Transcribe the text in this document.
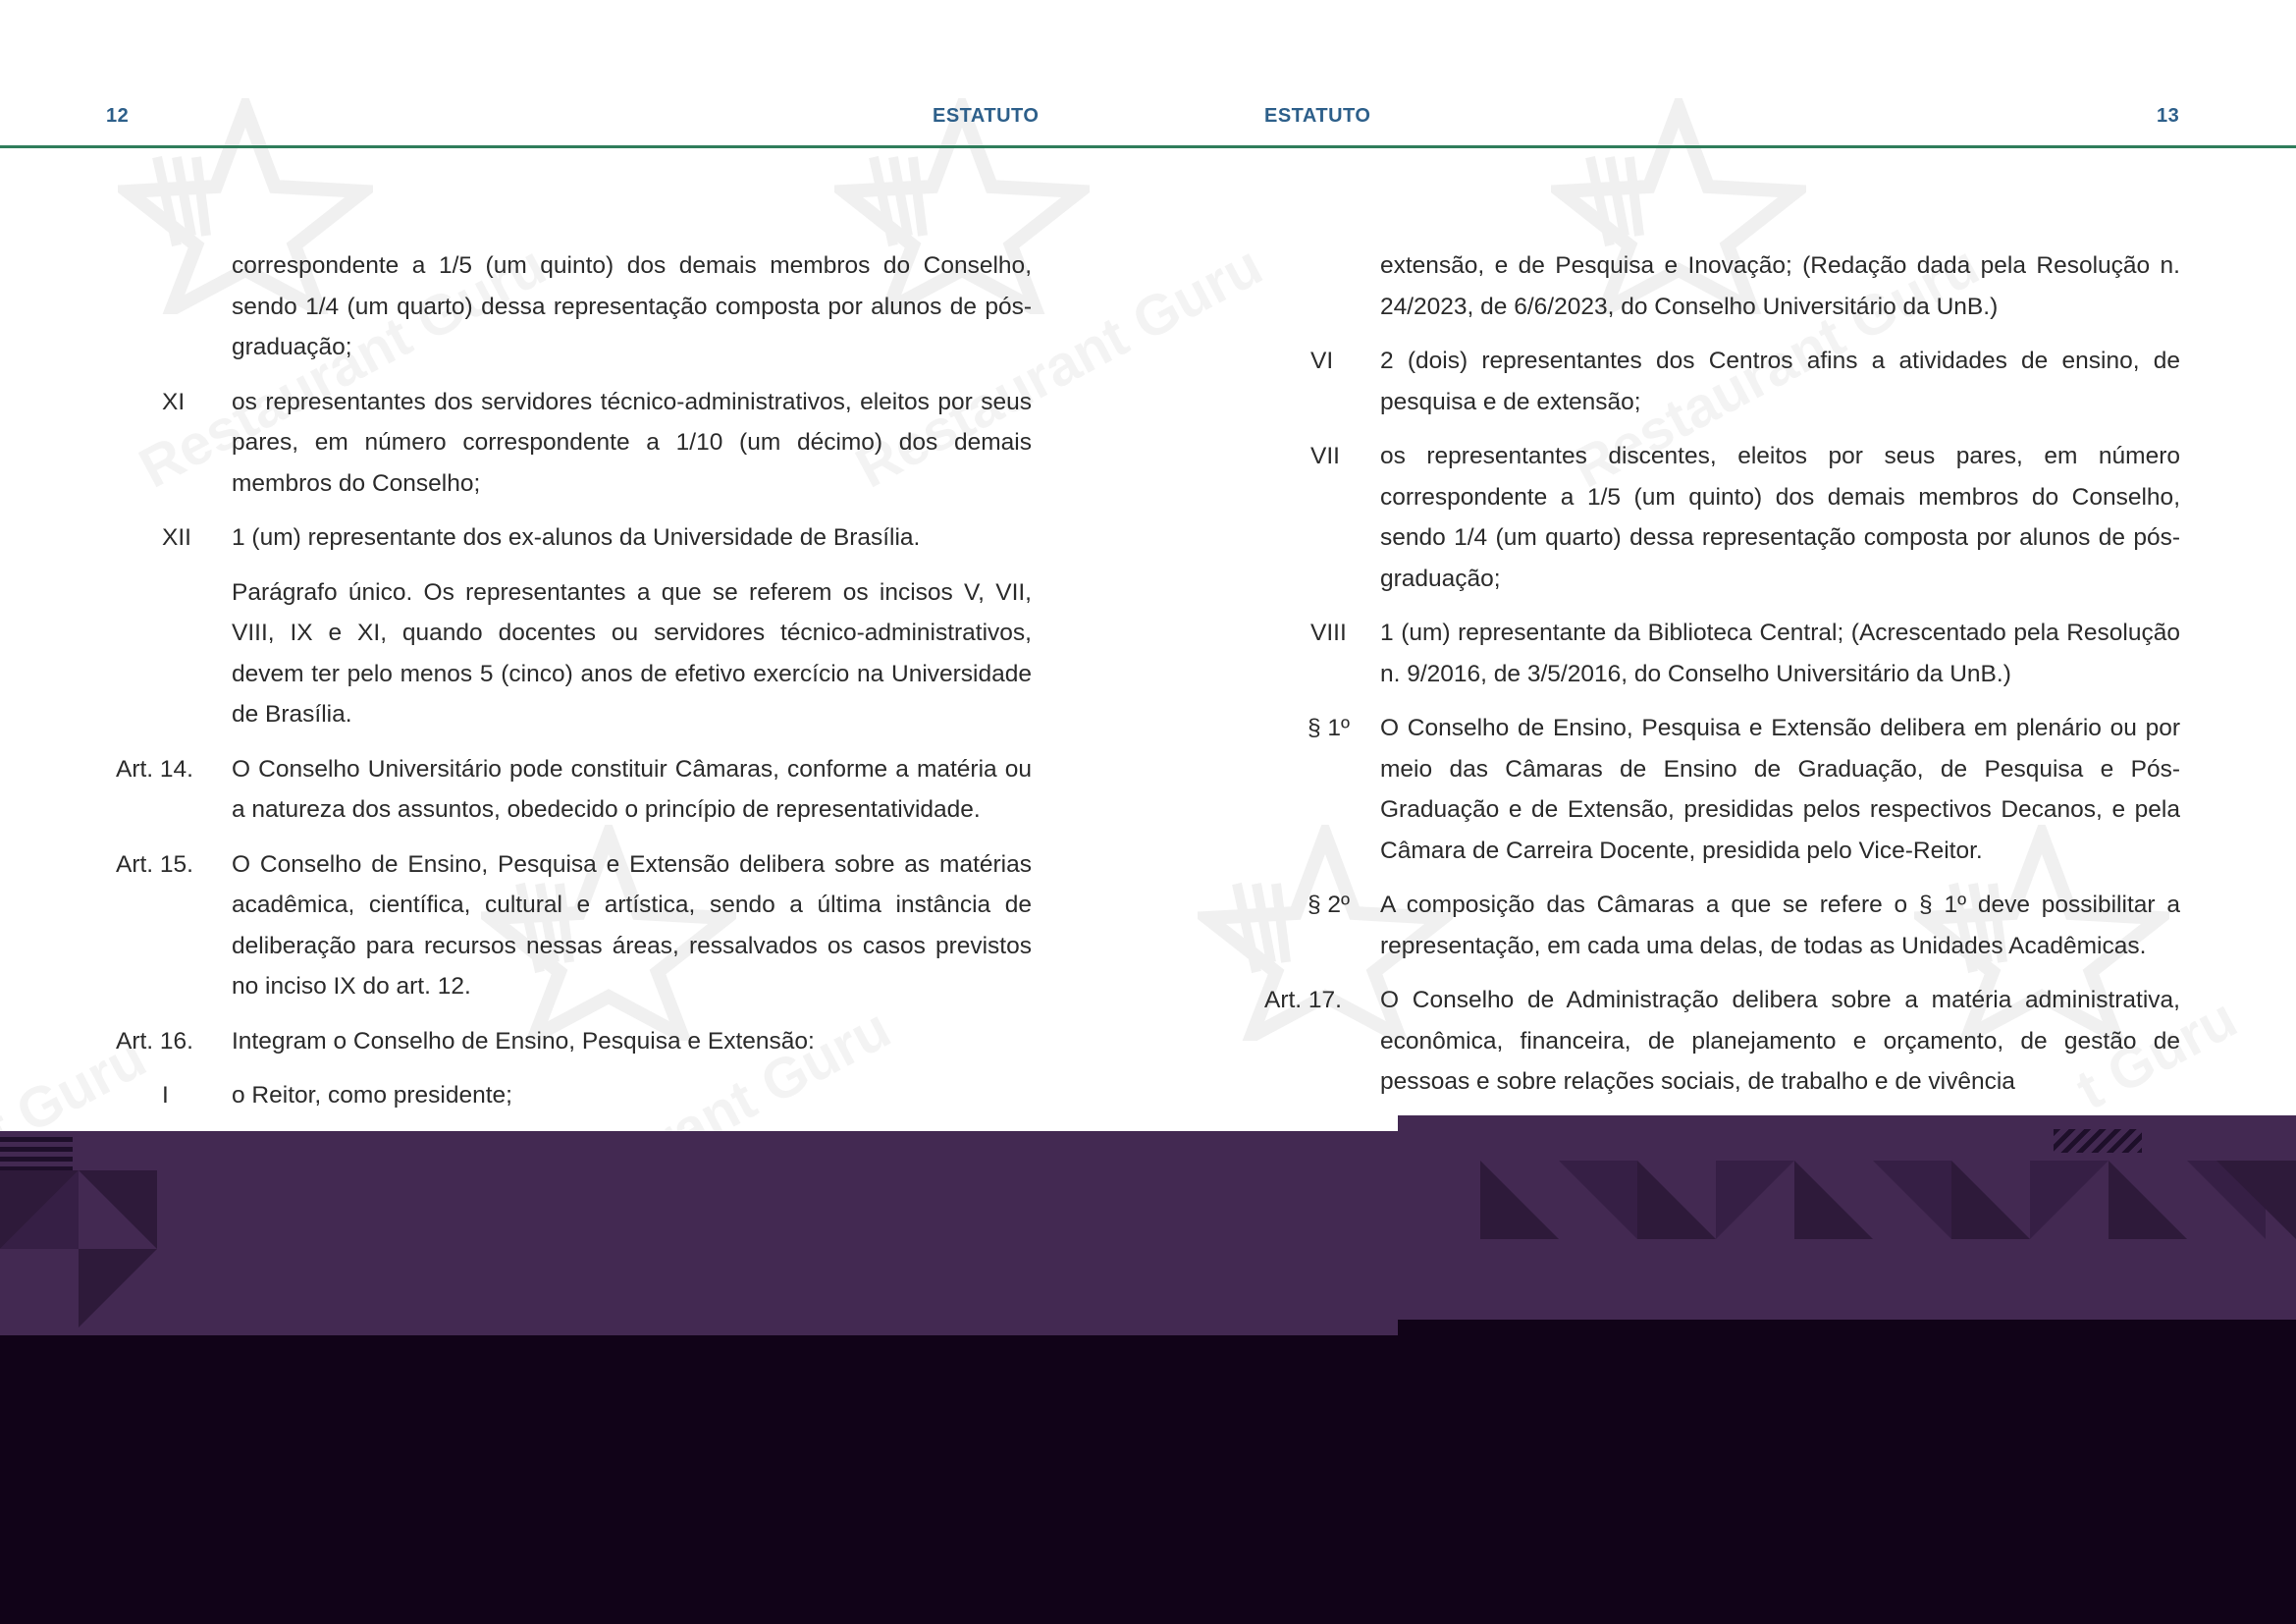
12	ESTATUTO	ESTATUTO	13
correspondente a 1/5 (um quinto) dos demais membros do Conselho, sendo 1/4 (um quarto) dessa representação composta por alunos de pós-graduação;
XI os representantes dos servidores técnico-administrativos, eleitos por seus pares, em número correspondente a 1/10 (um décimo) dos demais membros do Conselho;
XII 1 (um) representante dos ex-alunos da Universidade de Brasília.
Parágrafo único. Os representantes a que se referem os incisos V, VII, VIII, IX e XI, quando docentes ou servidores técnico-administrativos, devem ter pelo menos 5 (cinco) anos de efetivo exercício na Universidade de Brasília.
Art. 14. O Conselho Universitário pode constituir Câmaras, conforme a matéria ou a natureza dos assuntos, obedecido o princípio de representatividade.
Art. 15. O Conselho de Ensino, Pesquisa e Extensão delibera sobre as matérias acadêmica, científica, cultural e artística, sendo a última instância de deliberação para recursos nessas áreas, ressalvados os casos previstos no inciso IX do art. 12.
Art. 16. Integram o Conselho de Ensino, Pesquisa e Extensão:
I	o Reitor, como presidente;
extensão, e de Pesquisa e Inovação; (Redação dada pela Resolução n. 24/2023, de 6/6/2023, do Conselho Universitário da UnB.)
VI 2 (dois) representantes dos Centros afins a atividades de ensino, de pesquisa e de extensão;
VII os representantes discentes, eleitos por seus pares, em número correspondente a 1/5 (um quinto) dos demais membros do Conselho, sendo 1/4 (um quarto) dessa representação composta por alunos de pós-graduação;
VIII 1 (um) representante da Biblioteca Central; (Acrescentado pela Resolução n. 9/2016, de 3/5/2016, do Conselho Universitário da UnB.)
§ 1º O Conselho de Ensino, Pesquisa e Extensão delibera em plenário ou por meio das Câmaras de Ensino de Graduação, de Pesquisa e Pós-Graduação e de Extensão, presididas pelos respectivos Decanos, e pela Câmara de Carreira Docente, presidida pelo Vice-Reitor.
§ 2º A composição das Câmaras a que se refere o § 1º deve possibilitar a representação, em cada uma delas, de todas as Unidades Acadêmicas.
Art. 17. O Conselho de Administração delibera sobre a matéria administrativa, econômica, financeira, de planejamento e orçamento, de gestão de pessoas e sobre relações sociais, de trabalho e de vivência
